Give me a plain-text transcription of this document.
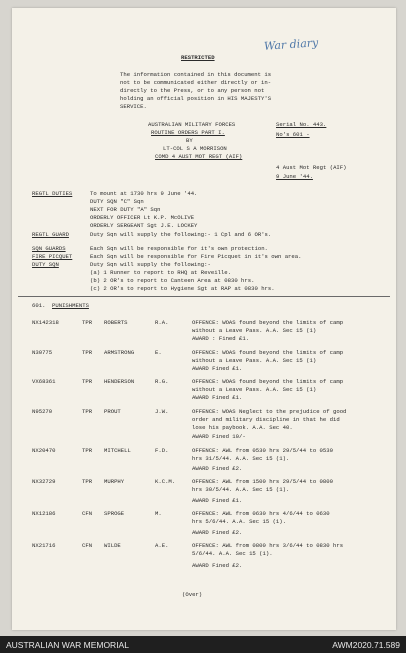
War diary
RESTRICTED
The information contained in this document is
not to be communicated either directly or in-
directly to the Press, or to any person not
holding an official position in HIS MAJESTY'S
SERVICE.
AUSTRALIAN MILITARY FORCES
ROUTINE ORDERS PART I.
BY
LT-COL S A MORRISON
COMD 4 AUST MOT REGT (AIF)
Serial No. 443.
No's 601 -
4 Aust Mot Regt (AIF)
9 June '44.
REGTL DUTIES	To mount at 1730 hrs 9 June '44.
DUTY SQN "C" Sqn
NEXT FOR DUTY "A" Sqn
ORDERLY OFFICER Lt K.P. McOLIVE
ORDERLY SERGEANT Sgt J.E. LOCKEY
REGTL GUARD	Duty Sqn will supply the following:- 1 Cpl and 6 OR's.
SQN GUARDS	Each Sqn will be responsible for it's own protection.
FIRE PICQUET	Each Sqn will be responsible for Fire Picquet in it's own area.
DUTY SQN	Duty Sqn will supply the following:-
(a) 1 Runner to report to RHQ at Reveille.
(b) 2 OR's to report to Canteen Area at 0830 hrs.
(c) 2 OR's to report to Hygiene Sgt at RAP at 0830 hrs.
601. PUNISHMENTS
NX142318	TPR ROBERTS	R.A.	OFFENCE: WOAS found beyond the limits of camp
without a Leave Pass. A.A. Sec 15 (1)
AWARD : Fined £1.
N30775	TPR ARMSTRONG	E.	OFFENCE: WOAS found beyond the limits of camp
without a Leave Pass. A.A. Sec 15 (1)
AWARD Fined £1.
VX68361	TPR HENDERSON	R.G.	OFFENCE: WOAS found beyond the limits of camp
without a Leave Pass. A.A. Sec 15 (1)
AWARD Fined £1.
N95270	TPR PROUT	J.W.	OFFENCE: WOAS Neglect to the prejudice of good
order and military discipline in that he did
lose his paybook. A.A. Sec 40.
AWARD Fined 10/-
NX20470	TPR MITCHELL	F.D.	OFFENCE: AWL from 0530 hrs 29/5/44 to 0530
hrs 31/5/44. A.A. Sec 15 (1).
AWARD Fined £2.
NX32729	TPR MURPHY	K.C.M.	OFFENCE: AWL from 1500 hrs 29/5/44 to 0800
hrs 30/5/44. A.A. Sec 15 (1).
AWARD Fined £1.
NX12186	CFN SPROGE	M.	OFFENCE: AWL from 0630 hrs 4/6/44 to 0630
hrs 5/6/44. A.A. Sec 15 (1).
AWARD Fined £2.
NX21716	CFN WILDE	A.E.	OFFENCE: AWL from 0800 hrs 3/6/44 to 0830 hrs
5/6/44. A.A. Sec 15 (1).
AWARD Fined £2.
(Over)
AUSTRALIAN WAR MEMORIAL	AWM2020.71.589
